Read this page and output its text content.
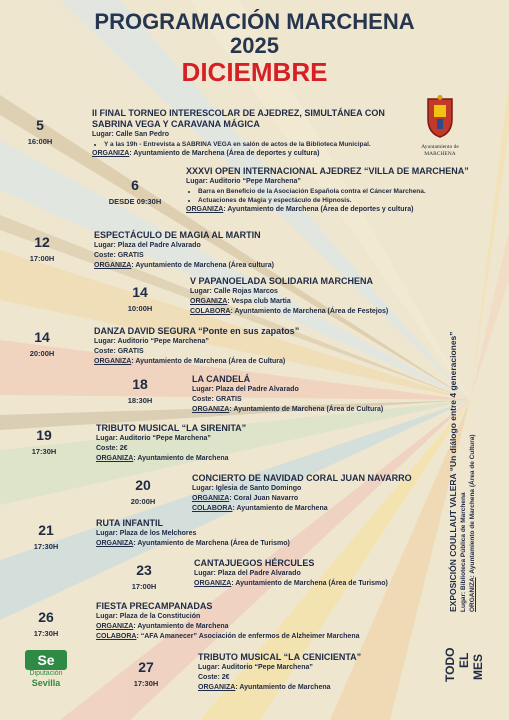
PROGRAMACIÓN MARCHENA
2025
DICIEMBRE
Ayuntamiento de MARCHENA
5
16:00H
II FINAL TORNEO INTERESCOLAR DE AJEDREZ, SIMULTÁNEA CON SABRINA VEGA Y CARAVANA MÁGICA
Lugar: Calle San Pedro
• Y a las 19h - Entrevista a SABRINA VEGA en salón de actos de la Biblioteca Municipal.
ORGANIZA: Ayuntamiento de Marchena (Área de deportes y cultura)
6
DESDE 09:30H
XXXVI OPEN INTERNACIONAL AJEDREZ “VILLA DE MARCHENA”
Lugar: Auditorio “Pepe Marchena”
• Barra en Beneficio de la Asociación Española contra el Cáncer Marchena.
• Actuaciones de Magia y espectáculo de Hipnosis.
ORGANIZA: Ayuntamiento de Marchena (Área de deportes y cultura)
12
17:00H
ESPECTÁCULO DE MAGIA AL MARTIN
Lugar: Plaza del Padre Alvarado
Coste: GRATIS
ORGANIZA: Ayuntamiento de Marchena (Área cultura)
14
10:00H
V PAPANOELADA SOLIDARIA MARCHENA
Lugar: Calle Rojas Marcos
ORGANIZA: Vespa club Martia
COLABORA: Ayuntamiento de Marchena (Área de Festejos)
14
20:00H
DANZA DAVID SEGURA “Ponte en sus zapatos”
Lugar: Auditorio “Pepe Marchena”
Coste: GRATIS
ORGANIZA: Ayuntamiento de Marchena (Área de Cultura)
18
18:30H
LA CANDELÁ
Lugar: Plaza del Padre Alvarado
Coste: GRATIS
ORGANIZA: Ayuntamiento de Marchena (Área de Cultura)
19
17:30H
TRIBUTO MUSICAL “LA SIRENITA”
Lugar: Auditorio “Pepe Marchena”
Coste: 2€
ORGANIZA: Ayuntamiento de Marchena
20
20:00H
CONCIERTO DE NAVIDAD CORAL JUAN NAVARRO
Lugar: Iglesia de Santo Domingo
ORGANIZA: Coral Juan Navarro
COLABORA: Ayuntamiento de Marchena
21
17:30H
RUTA INFANTIL
Lugar: Plaza de los Melchores
ORGANIZA: Ayuntamiento de Marchena (Área de Turismo)
23
17:00H
CANTAJUEGOS HÉRCULES
Lugar: Plaza del Padre Alvarado
ORGANIZA: Ayuntamiento de Marchena (Área de Turismo)
26
17:30H
FIESTA PRECAMPANADAS
Lugar: Plaza de la Constitución
ORGANIZA: Ayuntamiento de Marchena
COLABORA: “AFA Amanecer” Asociación de enfermos de Alzheimer Marchena
27
17:30H
TRIBUTO MUSICAL “LA CENICIENTA”
Lugar: Auditorio “Pepe Marchena”
Coste: 2€
ORGANIZA: Ayuntamiento de Marchena
EXPOSICIÓN COULLAUT VALERA “Un diálogo entre 4 generaciones” Lugar: Biblioteca Pública de Marchena ORGANIZA: Ayuntamiento de Marchena (Área de Cultura)
TODO EL MES
Se
Diputación
Sevilla
